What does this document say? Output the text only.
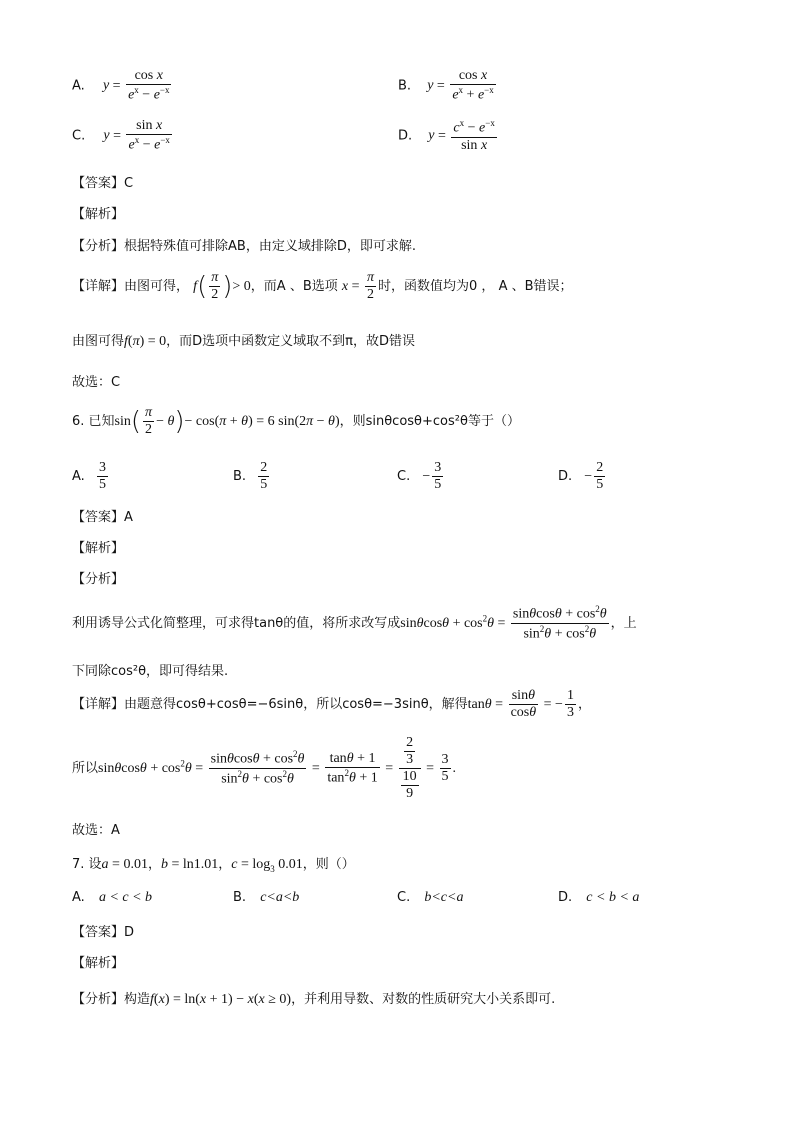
A. $y = \frac{\text{cos x}}{e^x - e^{-x}}$	B. $y = \frac{\text{cos x}}{e^x + e^{-x}}$
C. $y = \frac{\text{sin x}}{e^x - e^{-x}}$	D. $y = \frac{c^x - e^{-x}}{\text{sin x}}$
【答案】C
【解析】
【分析】根据特殊值可排除AB，由定义域排除D，即可求解.
【详解】由图可得， $f( \frac{\pi}{2}$ )> 0，而A 、B选项 $x = \frac{\pi}{2}$ 时，函数值均为0 ， A 、B错误；
由图可得f(π) = 0，而D选项中函数定义域取不到π，故D错误
故选：C
6. 已知$\sin( \frac{\pi}{2} - \theta)- \cos(\pi + \theta) = 6$ sin(2π − θ)，则sinθcosθ+cos²θ等于（）
A. $\frac{3}{5}$	B. $\frac{2}{5}$	C. − $\frac{3}{5}$	D. − $\frac{2}{5}$
【答案】A
【解析】
【分析】
利用诱导公式化简整理，可求得tanθ的值，将所求改写成$\sin\theta\cos\theta + \cos^2\theta = \frac{\sin\theta\cos\theta + \cos^2\theta}{\sin^2\theta + \cos^2\theta}$ ，上
下同除cos²θ，即可得结果.
【详解】由题意得cosθ+cosθ=−6sinθ，所以cosθ=−3sinθ，解得$\tan\theta = \frac{\sin\theta}{\cos\theta}$ = − $\frac{1}{3}$ ，
所以$\sin\theta\cos\theta + \cos^2\theta = \frac{\sin\theta\cos\theta + \cos^2\theta}{\sin^2\theta + \cos^2\theta} = \frac{\tan\theta + 1}{\tan^2\theta + 1} = \frac{\frac{2}{3}}{\frac{10}{9}} = \frac{3}{5}$ .
故选：A
7. 设a = 0.01，b = ln1.01，$c = \log_3 0.01$，则（）
A. a < c < b	B. c<a<b	C. b<c<a	D. c < b < a
【答案】D
【解析】
【分析】构造f(x) = ln(x + 1) − x(x ≥ 0)，并利用导数、对数的性质研究大小关系即可.
